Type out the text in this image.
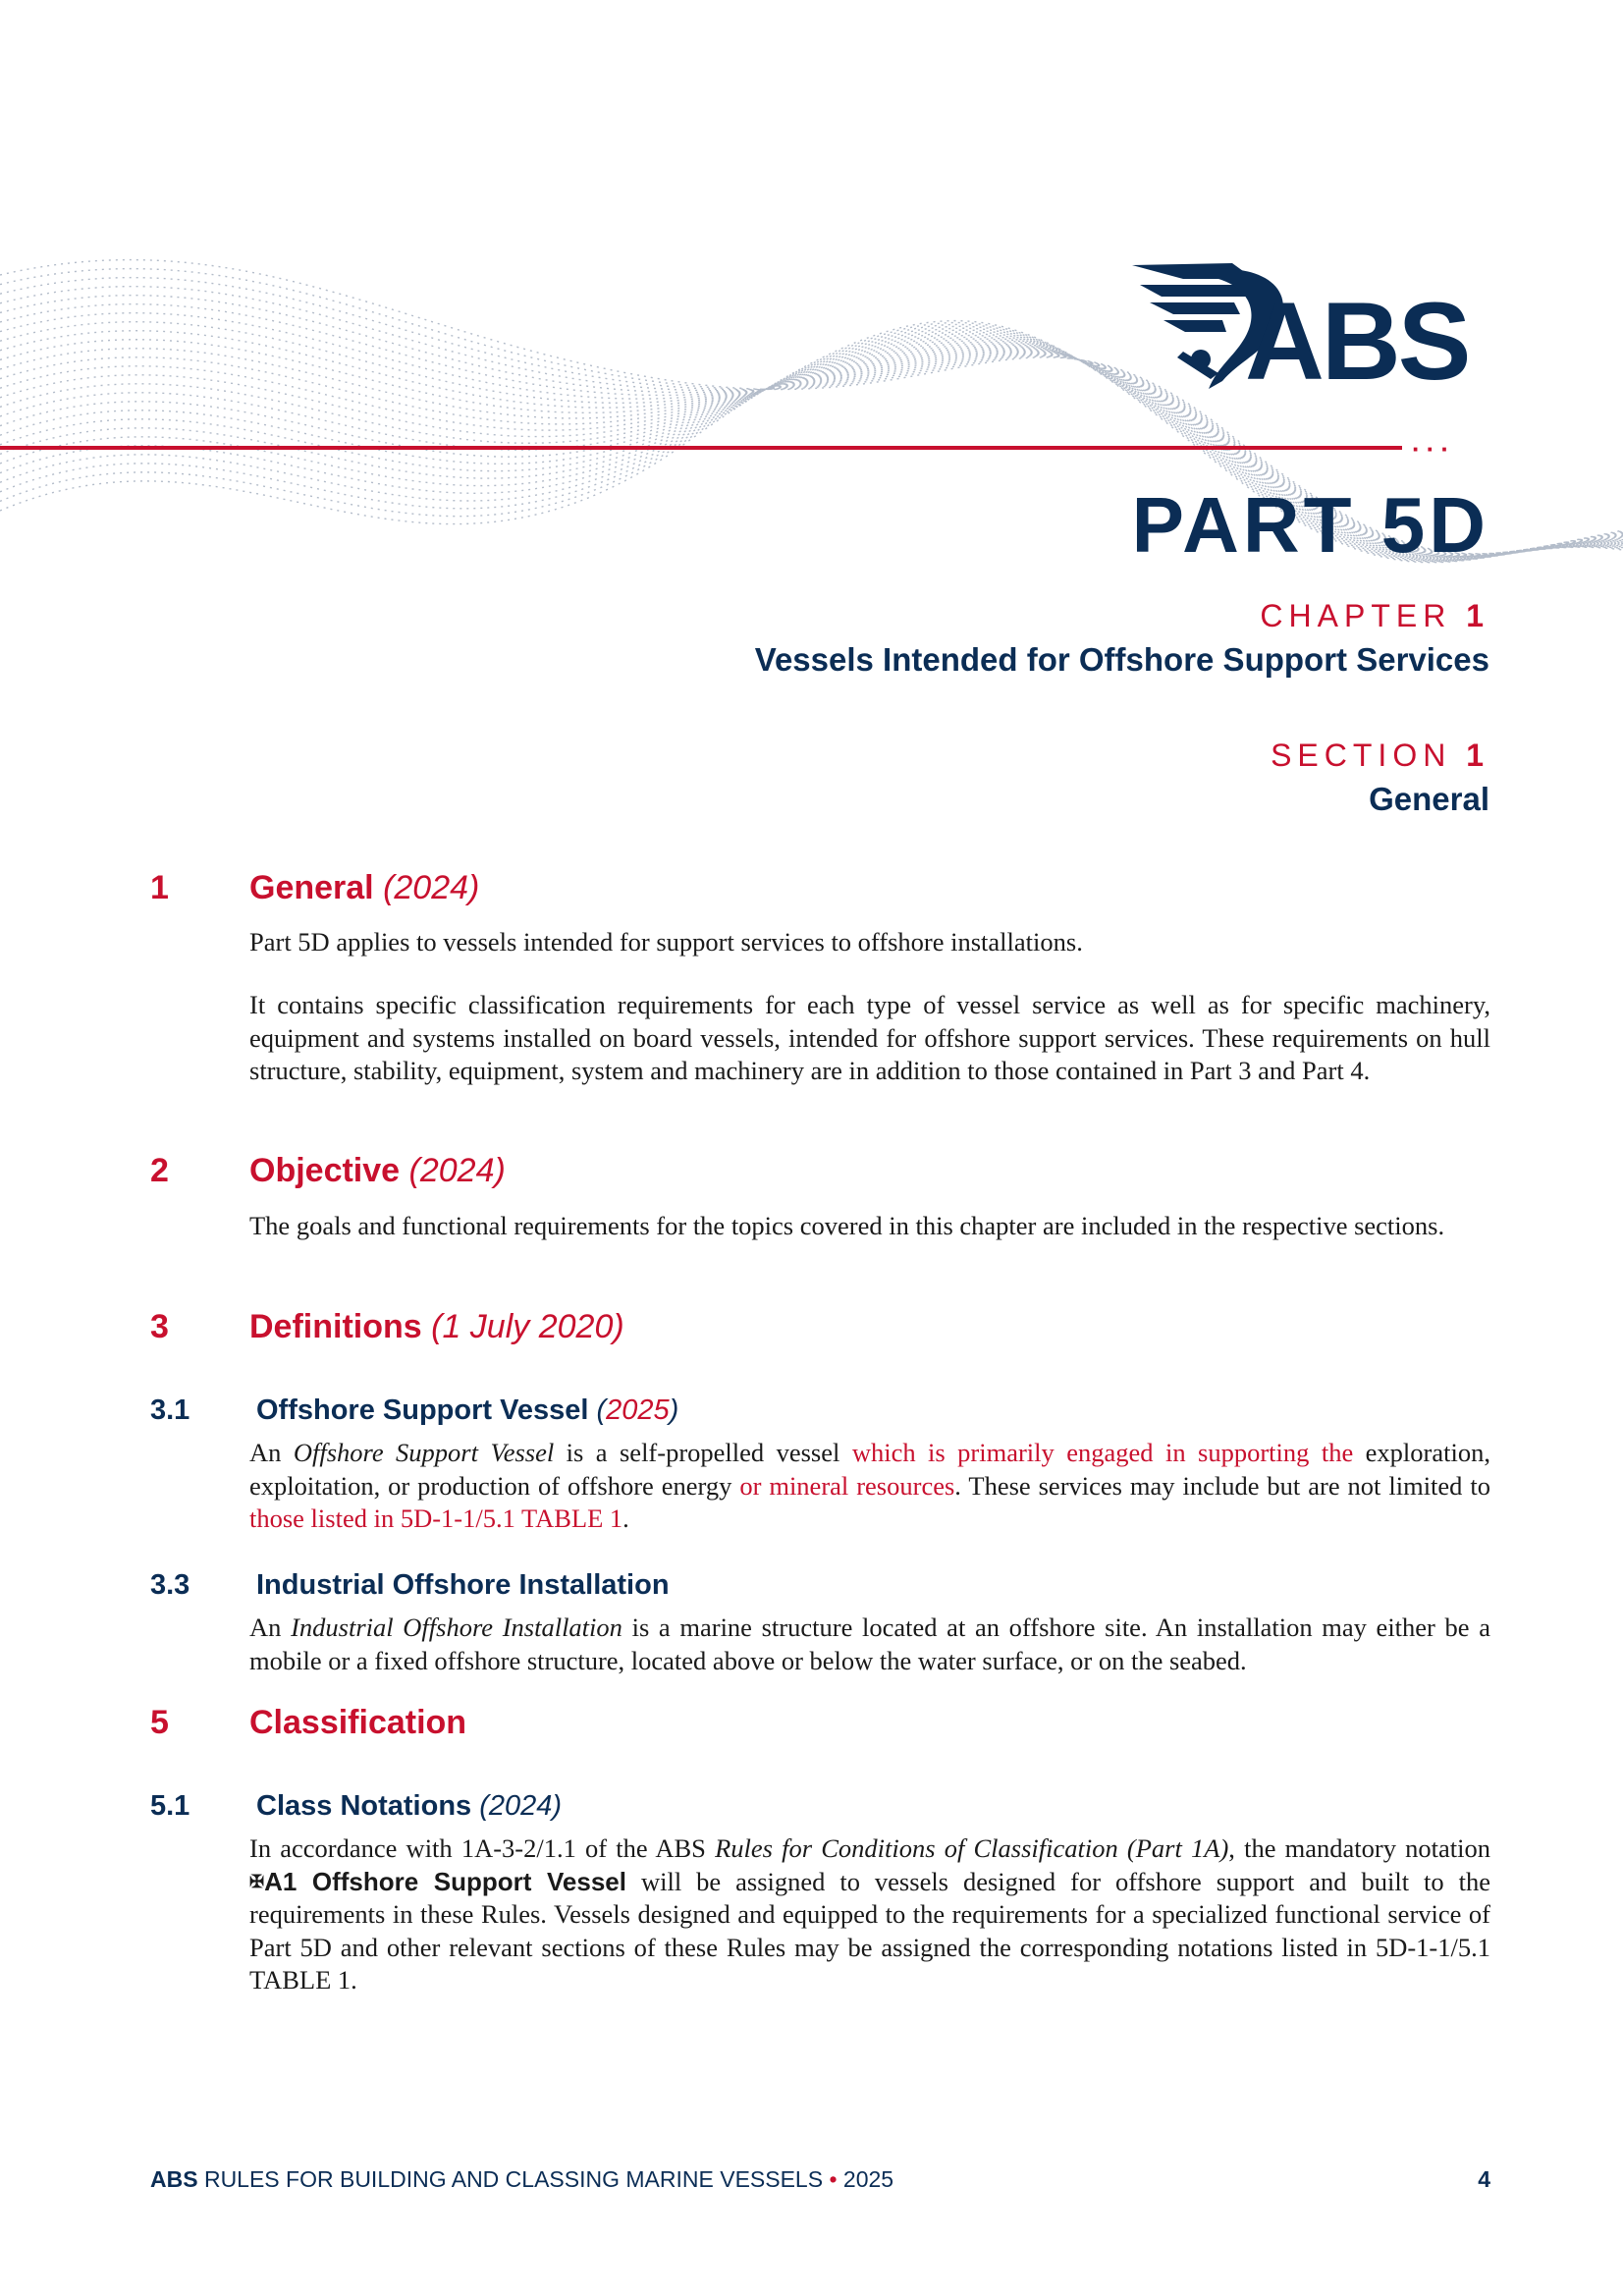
···
ABS
PART 5D
CHAPTER 1
Vessels Intended for Offshore Support Services
SECTION 1
General
1 General (2024)
Part 5D applies to vessels intended for support services to offshore installations.
It contains specific classification requirements for each type of vessel service as well as for specific machinery, equipment and systems installed on board vessels, intended for offshore support services. These requirements on hull structure, stability, equipment, system and machinery are in addition to those contained in Part 3 and Part 4.
2 Objective (2024)
The goals and functional requirements for the topics covered in this chapter are included in the respective sections.
3 Definitions (1 July 2020)
3.1 Offshore Support Vessel (2025)
An Offshore Support Vessel is a self-propelled vessel which is primarily engaged in supporting the exploration, exploitation, or production of offshore energy or mineral resources. These services may include but are not limited to those listed in 5D-1-1/5.1 TABLE 1.
3.3 Industrial Offshore Installation
An Industrial Offshore Installation is a marine structure located at an offshore site. An installation may either be a mobile or a fixed offshore structure, located above or below the water surface, or on the seabed.
5 Classification
5.1 Class Notations (2024)
In accordance with 1A-3-2/1.1 of the ABS Rules for Conditions of Classification (Part 1A), the mandatory notation ✠A1 Offshore Support Vessel will be assigned to vessels designed for offshore support and built to the requirements in these Rules. Vessels designed and equipped to the requirements for a specialized functional service of Part 5D and other relevant sections of these Rules may be assigned the corresponding notations listed in 5D-1-1/5.1 TABLE 1.
ABS RULES FOR BUILDING AND CLASSING MARINE VESSELS • 2025	4
